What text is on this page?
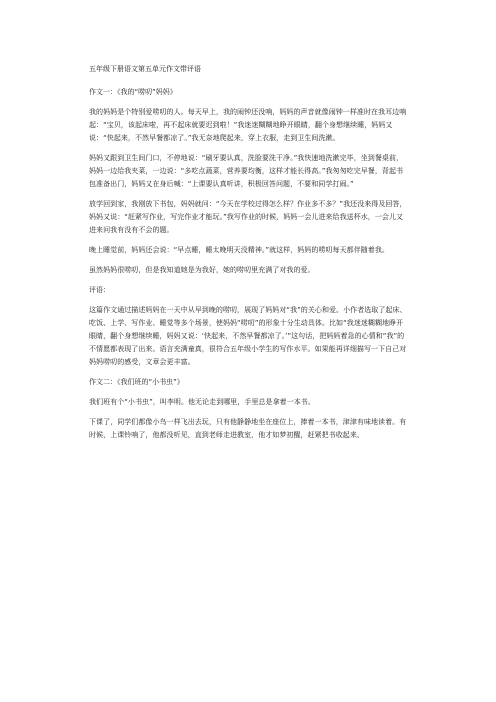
五年级下册语文第五单元作文带评语
作文一：《我的“唠叨”妈妈》

我的妈妈是个特别爱唠叨的人。每天早上，我的闹钟还没响，妈妈的声音就像闹钟一样准时在我耳边响起：“宝贝，该起床啦，再不起床就要迟到啦！”我迷迷糊糊地睁开眼睛，翻个身想继续睡，妈妈又说：“快起来，不然早餐都凉了。”我无奈地爬起来，穿上衣服，走到卫生间洗漱。

妈妈又跟到卫生间门口，不停地说：“刷牙要认真，洗脸要洗干净。”我快速地洗漱完毕，坐到餐桌前，妈妈一边给我夹菜，一边说：“多吃点蔬菜，营养要均衡，这样才能长得高。”我匆匆吃完早餐，背起书包准备出门，妈妈又在身后喊：“上课要认真听讲，积极回答问题，不要和同学打闹。”

放学回到家，我刚放下书包，妈妈就问：“今天在学校过得怎么样？作业多不多？”我还没来得及回答，妈妈又说：“赶紧写作业，写完作业才能玩。”我写作业的时候，妈妈一会儿进来给我送杯水，一会儿又进来问我有没有不会的题。

晚上睡觉前，妈妈还会说：“早点睡，睡太晚明天没精神。”就这样，妈妈的唠叨每天都伴随着我。

虽然妈妈很唠叨，但是我知道她是为我好，她的唠叨里充满了对我的爱。

评语：

这篇作文通过描述妈妈在一天中从早到晚的唠叨，展现了妈妈对“我”的关心和爱。小作者选取了起床、吃饭、上学、写作业、睡觉等多个场景，使妈妈“唠叨”的形象十分生动具体。比如“我迷迷糊糊地睁开眼睛，翻个身想继续睡，妈妈又说：‘快起来，不然早餐都凉了。’”这句话，把妈妈着急的心情和“我”的不情愿都表现了出来。语言充满童真，很符合五年级小学生的写作水平。如果能再详细描写一下自己对妈妈唠叨的感受，文章会更丰富。

作文二：《我们班的“小书虫”》

我们班有个“小书虫”，叫李明。他无论走到哪里，手里总是拿着一本书。

下课了，同学们都像小鸟一样飞出去玩，只有他静静地坐在座位上，捧着一本书，津津有味地读着。有时候，上课铃响了，他都没听见，直到老师走进教室，他才如梦初醒，赶紧把书收起来。
